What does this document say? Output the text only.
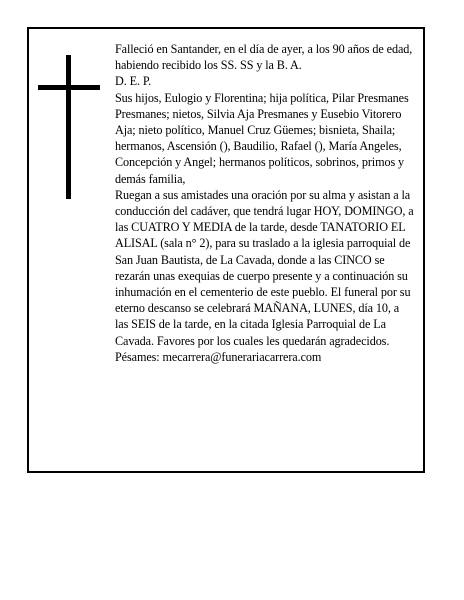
Falleció en Santander, en el día de ayer, a los 90 años de edad, habiendo recibido los SS. SS y la B. A.

D. E. P.

Sus hijos, Eulogio y Florentina; hija política, Pilar Presmanes Presmanes; nietos, Silvia Aja Presmanes y Eusebio Vitorero Aja; nieto político, Manuel Cruz Güemes; bisnieta, Shaila; hermanos, Ascensión (), Baudilio, Rafael (), María Angeles, Concepción y Angel; hermanos políticos, sobrinos, primos y demás familia,

Ruegan a sus amistades una oración por su alma y asistan a la conducción del cadáver, que tendrá lugar HOY, DOMINGO, a las CUATRO Y MEDIA de la tarde, desde TANATORIO EL ALISAL (sala n° 2), para su traslado a la iglesia parroquial de San Juan Bautista, de La Cavada, donde a las CINCO se rezarán unas exequias de cuerpo presente y a continuación su inhumación en el cementerio de este pueblo. El funeral por su eterno descanso se celebrará MAÑANA, LUNES, día 10, a las SEIS de la tarde, en la citada Iglesia Parroquial de La Cavada. Favores por los cuales les quedarán agradecidos.

Pésames: mecarrera@funerariacarrera.com
